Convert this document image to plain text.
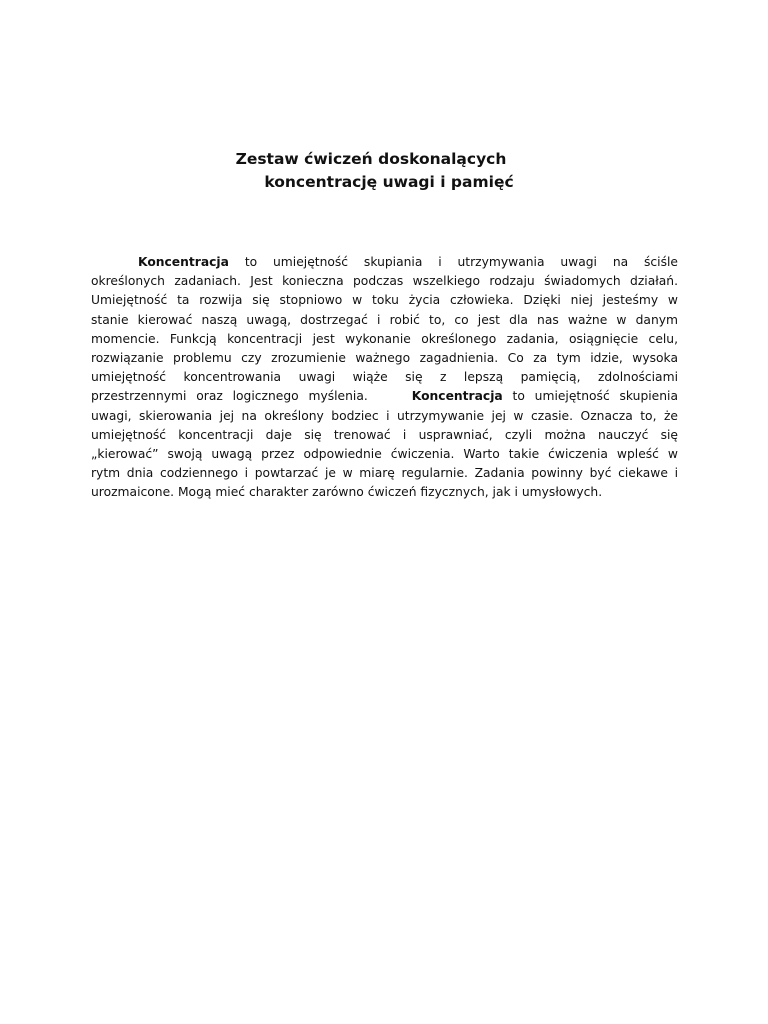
Zestaw ćwiczeń doskonalących
koncentrację uwagi i pamięć
Koncentracja to umiejętność skupiania i utrzymywania uwagi na ściśle
określonych zadaniach. Jest konieczna podczas wszelkiego rodzaju świadomych działań.
Umiejętność ta rozwija się stopniowo w toku życia człowieka. Dzięki niej jesteśmy w
stanie kierować naszą uwagą, dostrzegać i robić to, co jest dla nas ważne w danym
momencie. Funkcją koncentracji jest wykonanie określonego zadania, osiągnięcie celu,
rozwiązanie problemu czy zrozumienie ważnego zagadnienia. Co za tym idzie, wysoka
umiejętność koncentrowania uwagi wiąże się z lepszą pamięcią, zdolnościami
przestrzennymi oraz logicznego myślenia.	Koncentracja to umiejętność skupienia
uwagi, skierowania jej na określony bodziec i utrzymywanie jej w czasie. Oznacza to, że
umiejętność koncentracji daje się trenować i usprawniać, czyli można nauczyć się
„kierować” swoją uwagą przez odpowiednie ćwiczenia. Warto takie ćwiczenia wpleść w
rytm dnia codziennego i powtarzać je w miarę regularnie. Zadania powinny być ciekawe i
urozmaicone. Mogą mieć charakter zarówno ćwiczeń fizycznych, jak i umysłowych.
